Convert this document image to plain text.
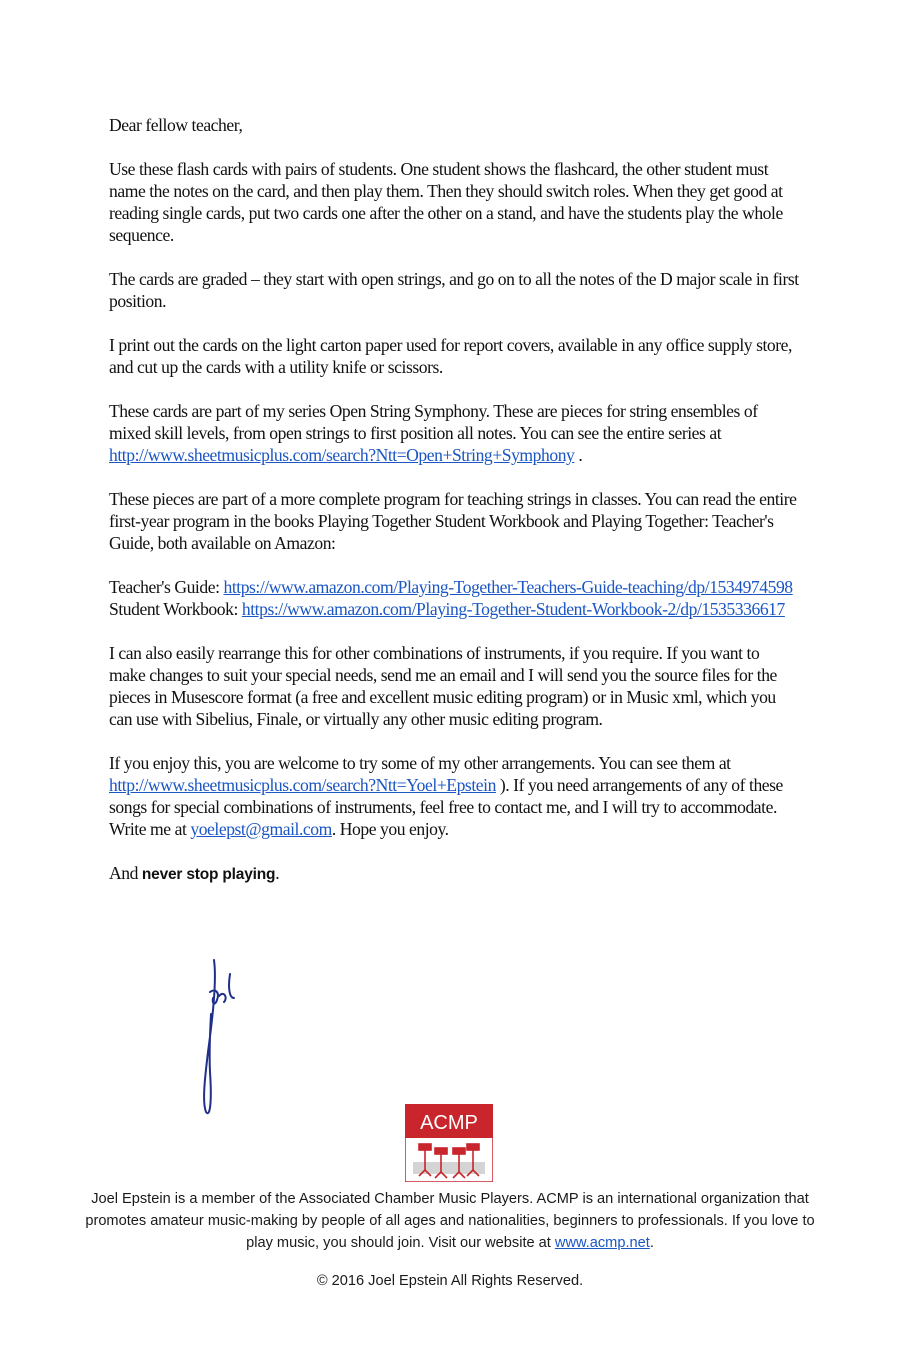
Dear fellow teacher,

Use these flash cards with pairs of students. One student shows the flashcard, the other student must name the notes on the card, and then play them. Then they should switch roles. When they get good at reading single cards, put two cards one after the other on a stand, and have the students play the whole sequence.

The cards are graded – they start with open strings, and go on to all the notes of the D major scale in first position.

I print out the cards on the light carton paper used for report covers, available in any office supply store, and cut up the cards with a utility knife or scissors.

These cards are part of my series Open String Symphony. These are pieces for string ensembles of mixed skill levels, from open strings to first position all notes. You can see the entire series at http://www.sheetmusicplus.com/search?Ntt=Open+String+Symphony .

These pieces are part of a more complete program for teaching strings in classes. You can read the entire first-year program in the books Playing Together Student Workbook and Playing Together: Teacher's Guide, both available on Amazon:

Teacher's Guide: https://www.amazon.com/Playing-Together-Teachers-Guide-teaching/dp/1534974598
Student Workbook: https://www.amazon.com/Playing-Together-Student-Workbook-2/dp/1535336617

I can also easily rearrange this for other combinations of instruments, if you require. If you want to make changes to suit your special needs, send me an email and I will send you the source files for the pieces in Musescore format (a free and excellent music editing program) or in Music xml, which you can use with Sibelius, Finale, or virtually any other music editing program.

If you enjoy this, you are welcome to try some of my other arrangements. You can see them at http://www.sheetmusicplus.com/search?Ntt=Yoel+Epstein ). If you need arrangements of any of these songs for special combinations of instruments, feel free to contact me, and I will try to accommodate. Write me at yoelepst@gmail.com. Hope you enjoy.

And never stop playing.

ACMP
Joel Epstein is a member of the Associated Chamber Music Players. ACMP is an international organization that promotes amateur music-making by people of all ages and nationalities, beginners to professionals. If you love to play music, you should join. Visit our website at www.acmp.net.
© 2016 Joel Epstein All Rights Reserved.
